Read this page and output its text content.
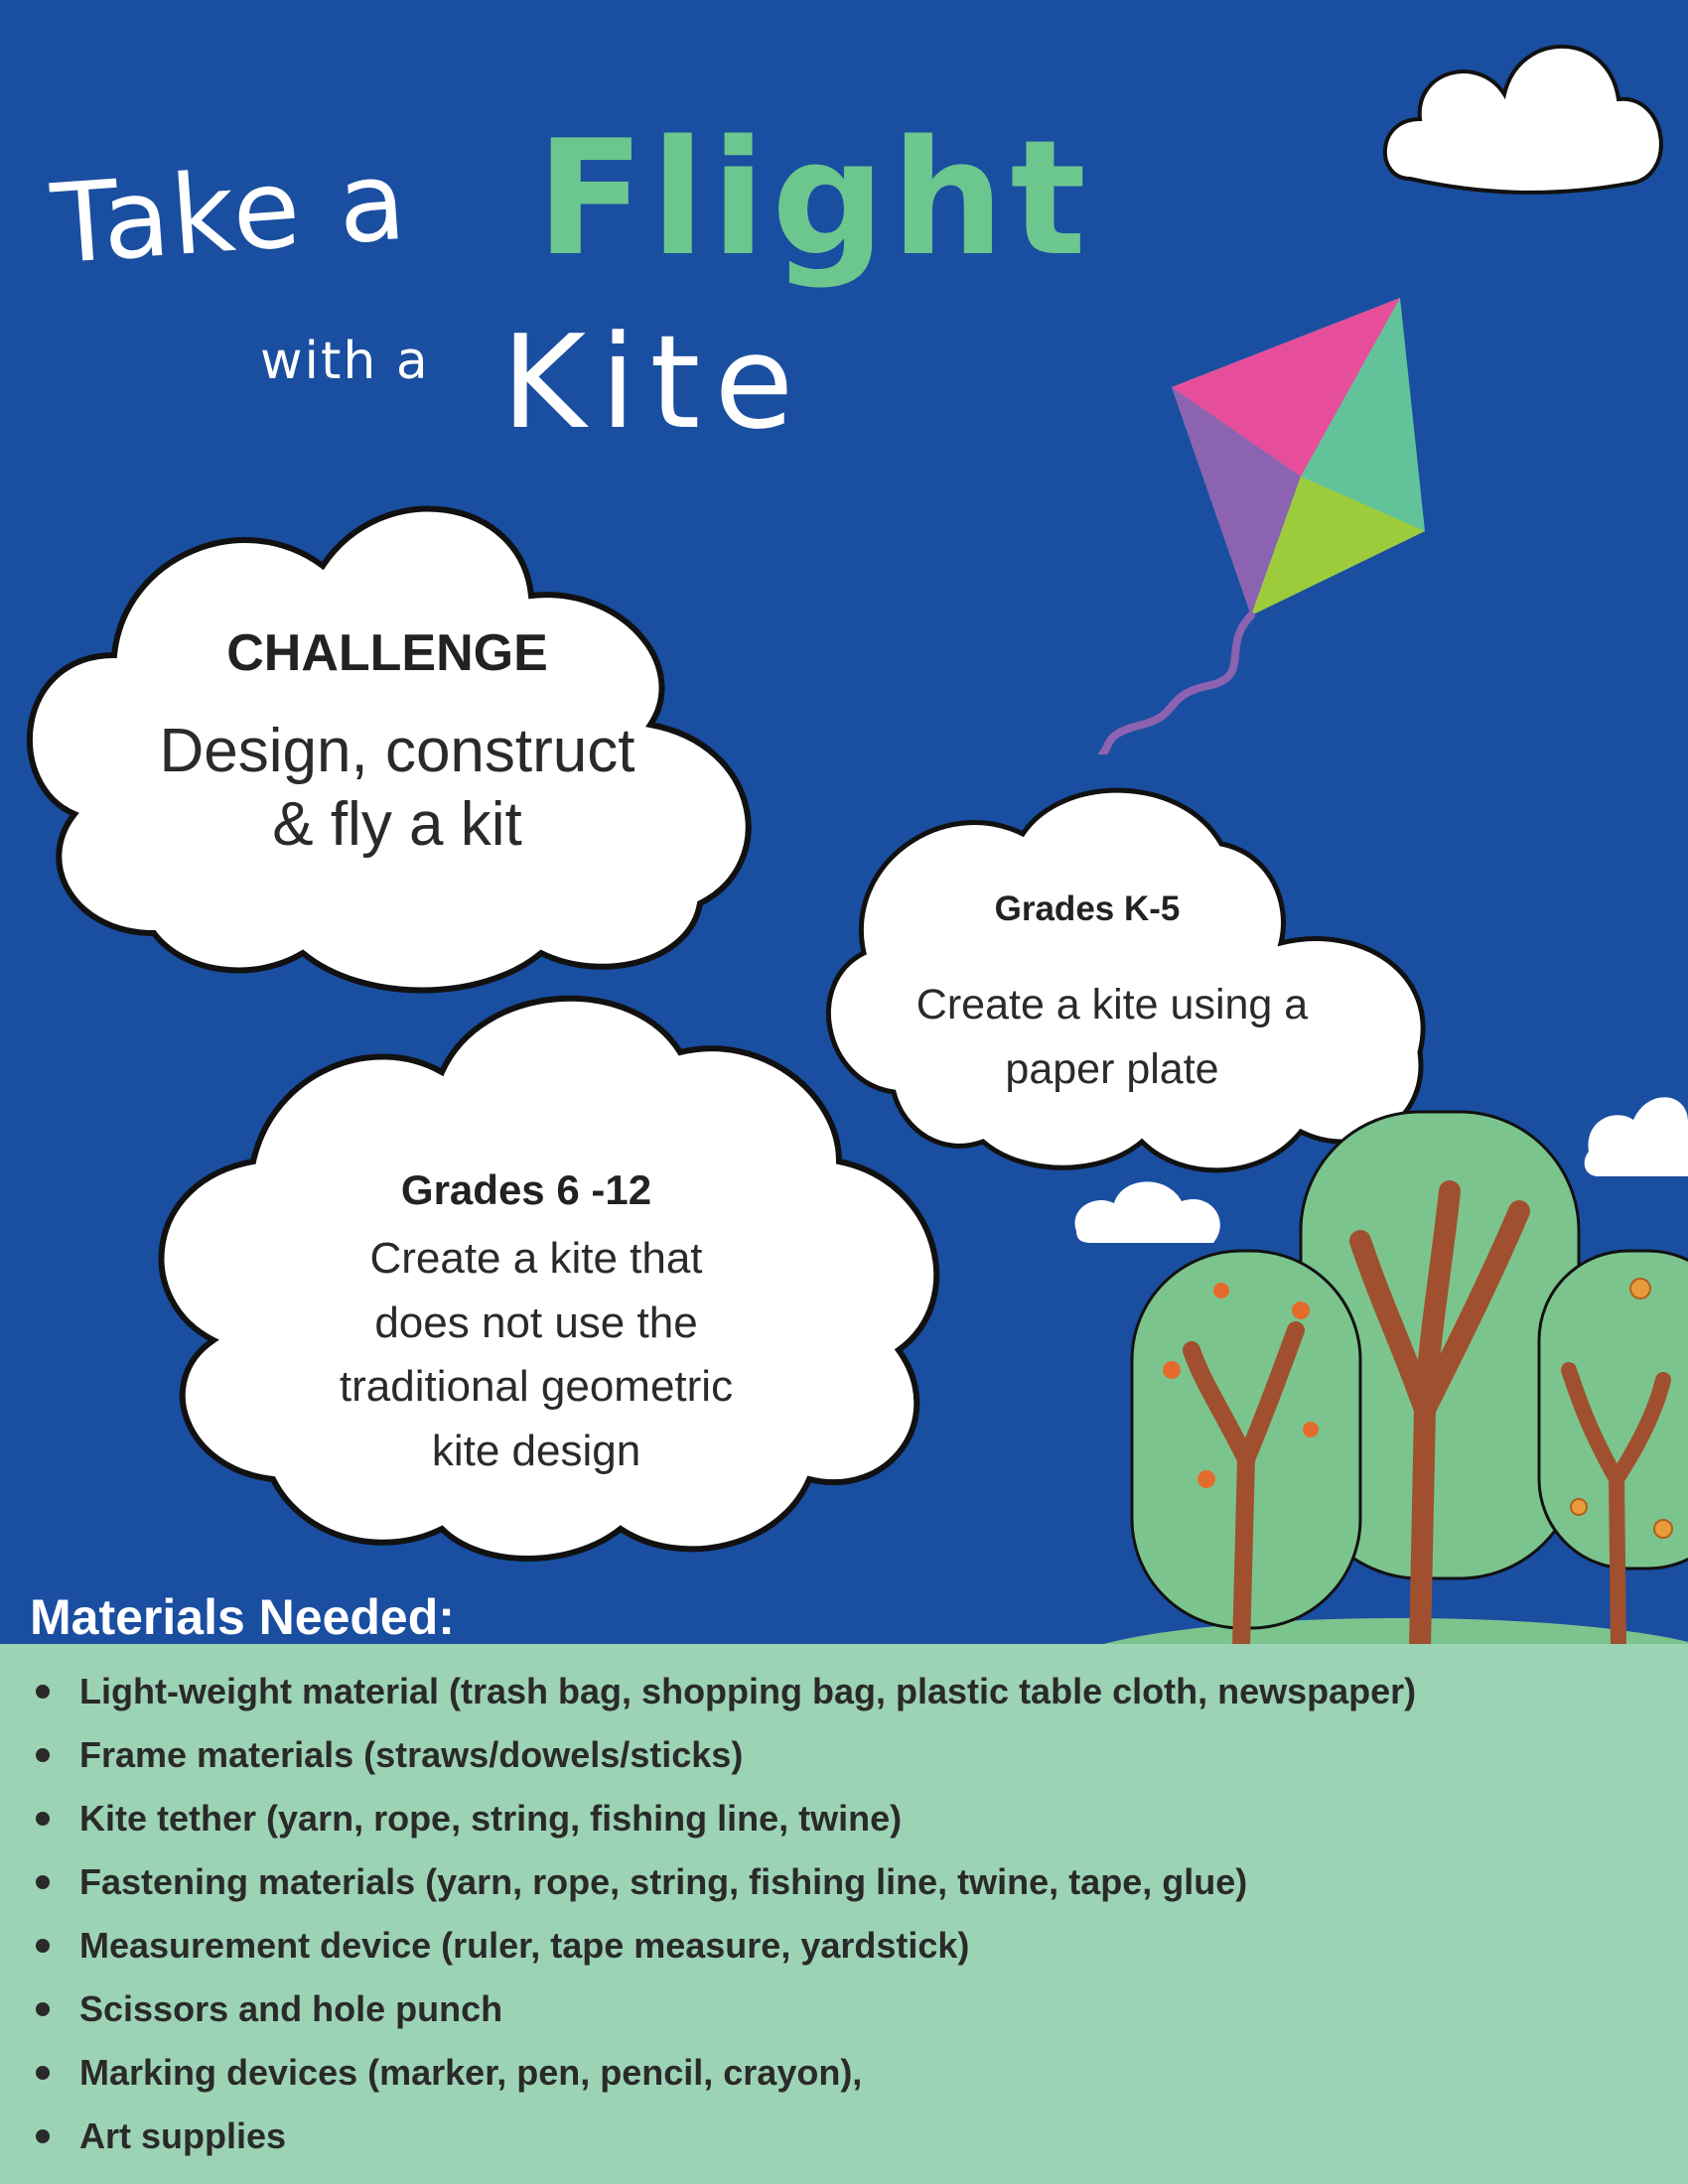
Take a Flight
with a Kite
CHALLENGE
Design, construct
& fly a kit
Grades K-5
Create a kite using a
paper plate
Grades 6 -12
Create a kite that
does not use the
traditional geometric
kite design
Materials Needed:
Light-weight material (trash bag, shopping bag, plastic table cloth, newspaper)
Frame materials (straws/dowels/sticks)
Kite tether (yarn, rope, string, fishing line, twine)
Fastening materials (yarn, rope, string, fishing line, twine, tape, glue)
Measurement device (ruler, tape measure, yardstick)
Scissors and hole punch
Marking devices (marker, pen, pencil, crayon),
Art supplies
